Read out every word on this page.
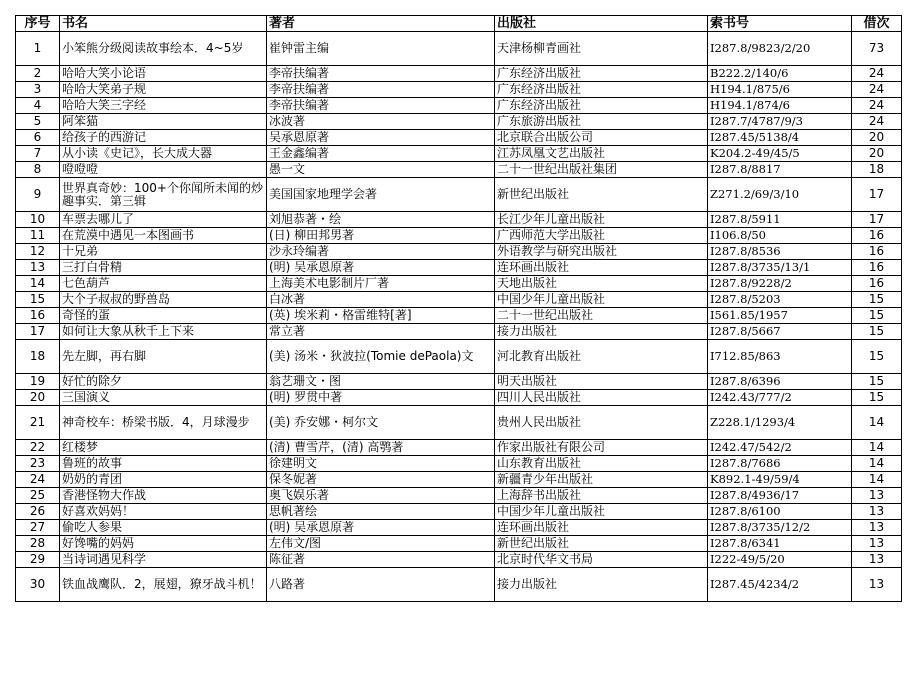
序号	书名	著者	出版社	索书号	借次
1	小笨熊分级阅读故事绘本．4~5岁	崔钟雷主编	天津杨柳青画社	I287.8/9823/2/20	73
2	哈哈大笑小论语	李帝扶编著	广东经济出版社	B222.2/140/6	24
3	哈哈大笑弟子规	李帝扶编著	广东经济出版社	H194.1/875/6	24
4	哈哈大笑三字经	李帝扶编著	广东经济出版社	H194.1/874/6	24
5	阿笨猫	冰波著	广东旅游出版社	I287.7/4787/9/3	24
6	给孩子的西游记	吴承恩原著	北京联合出版公司	I287.45/5138/4	20
7	从小读《史记》，长大成大器	王金鑫编著	江苏凤凰文艺出版社	K204.2-49/45/5	20
8	噔噔噔	愚一文	二十一世纪出版社集团	I287.8/8817	18
9	世界真奇妙：100+个你闻所未闻的炒趣事实．第三辑	美国国家地理学会著	新世纪出版社	Z271.2/69/3/10	17
10	车票去哪儿了	刘旭恭著・绘	长江少年儿童出版社	I287.8/5911	17
11	在荒漠中遇见一本图画书	(日) 柳田邦男著	广西师范大学出版社	I106.8/50	16
12	十兄弟	沙永玲编著	外语教学与研究出版社	I287.8/8536	16
13	三打白骨精	(明) 吴承恩原著	连环画出版社	I287.8/3735/13/1	16
14	七色葫芦	上海美术电影制片厂著	天地出版社	I287.8/9228/2	16
15	大个子叔叔的野兽岛	白冰著	中国少年儿童出版社	I287.8/5203	15
16	奇怪的蛋	(英) 埃米莉・格雷维特[著]	二十一世纪出版社	I561.85/1957	15
17	如何让大象从秋千上下来	常立著	接力出版社	I287.8/5667	15
18	先左脚，再右脚	(美) 汤米・狄波拉(Tomie dePaola)文	河北教育出版社	I712.85/863	15
19	好忙的除夕	翁艺珊文・图	明天出版社	I287.8/6396	15
20	三国演义	(明) 罗贯中著	四川人民出版社	I242.43/777/2	15
21	神奇校车：桥梁书版．4，月球漫步	(美) 乔安娜・柯尔文	贵州人民出版社	Z228.1/1293/4	14
22	红楼梦	(清) 曹雪芹，(清) 高鹗著	作家出版社有限公司	I242.47/542/2	14
23	鲁班的故事	徐建明文	山东教育出版社	I287.8/7686	14
24	奶奶的青团	保冬妮著	新疆青少年出版社	K892.1-49/59/4	14
25	香港怪物大作战	奥飞娱乐著	上海辞书出版社	I287.8/4936/17	13
26	好喜欢妈妈！	思帆著绘	中国少年儿童出版社	I287.8/6100	13
27	偷吃人参果	(明) 吴承恩原著	连环画出版社	I287.8/3735/12/2	13
28	好馋嘴的妈妈	左伟文/图	新世纪出版社	I287.8/6341	13
29	当诗词遇见科学	陈征著	北京时代华文书局	I222-49/5/20	13
30	铁血战鹰队．2，展翅，獠牙战斗机！	八路著	接力出版社	I287.45/4234/2	13
